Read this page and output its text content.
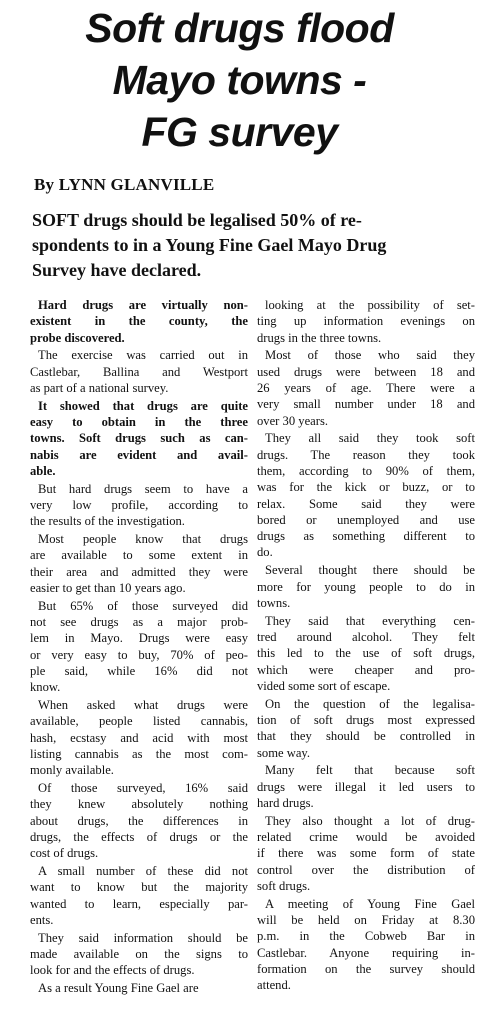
Soft drugs flood
Mayo towns -
FG survey
By LYNN GLANVILLE
SOFT drugs should be legalised 50% of re-
spondents to in a Young Fine Gael Mayo Drug
Survey have declared.
Hard drugs are virtually non-
existent in the county, the
probe discovered.
The exercise was carried out in
Castlebar, Ballina and Westport
as part of a national survey.
It showed that drugs are quite
easy to obtain in the three
towns. Soft drugs such as can-
nabis are evident and avail-
able.
But hard drugs seem to have a
very low profile, according to
the results of the investigation.
Most people know that drugs
are available to some extent in
their area and admitted they were
easier to get than 10 years ago.
But 65% of those surveyed did
not see drugs as a major prob-
lem in Mayo. Drugs were easy
or very easy to buy, 70% of peo-
ple said, while 16% did not
know.
When asked what drugs were
available, people listed cannabis,
hash, ecstasy and acid with most
listing cannabis as the most com-
monly available.
Of those surveyed, 16% said
they knew absolutely nothing
about drugs, the differences in
drugs, the effects of drugs or the
cost of drugs.
A small number of these did not
want to know but the majority
wanted to learn, especially par-
ents.
They said information should be
made available on the signs to
look for and the effects of drugs.
As a result Young Fine Gael are
looking at the possibility of set-
ting up information evenings on
drugs in the three towns.
Most of those who said they
used drugs were between 18 and
26 years of age. There were a
very small number under 18 and
over 30 years.
They all said they took soft
drugs. The reason they took
them, according to 90% of them,
was for the kick or buzz, or to
relax. Some said they were
bored or unemployed and use
drugs as something different to
do.
Several thought there should be
more for young people to do in
towns.
They said that everything cen-
tred around alcohol. They felt
this led to the use of soft drugs,
which were cheaper and pro-
vided some sort of escape.
On the question of the legalisa-
tion of soft drugs most expressed
that they should be controlled in
some way.
Many felt that because soft
drugs were illegal it led users to
hard drugs.
They also thought a lot of drug-
related crime would be avoided
if there was some form of state
control over the distribution of
soft drugs.
A meeting of Young Fine Gael
will be held on Friday at 8.30
p.m. in the Cobweb Bar in
Castlebar. Anyone requiring in-
formation on the survey should
attend.
